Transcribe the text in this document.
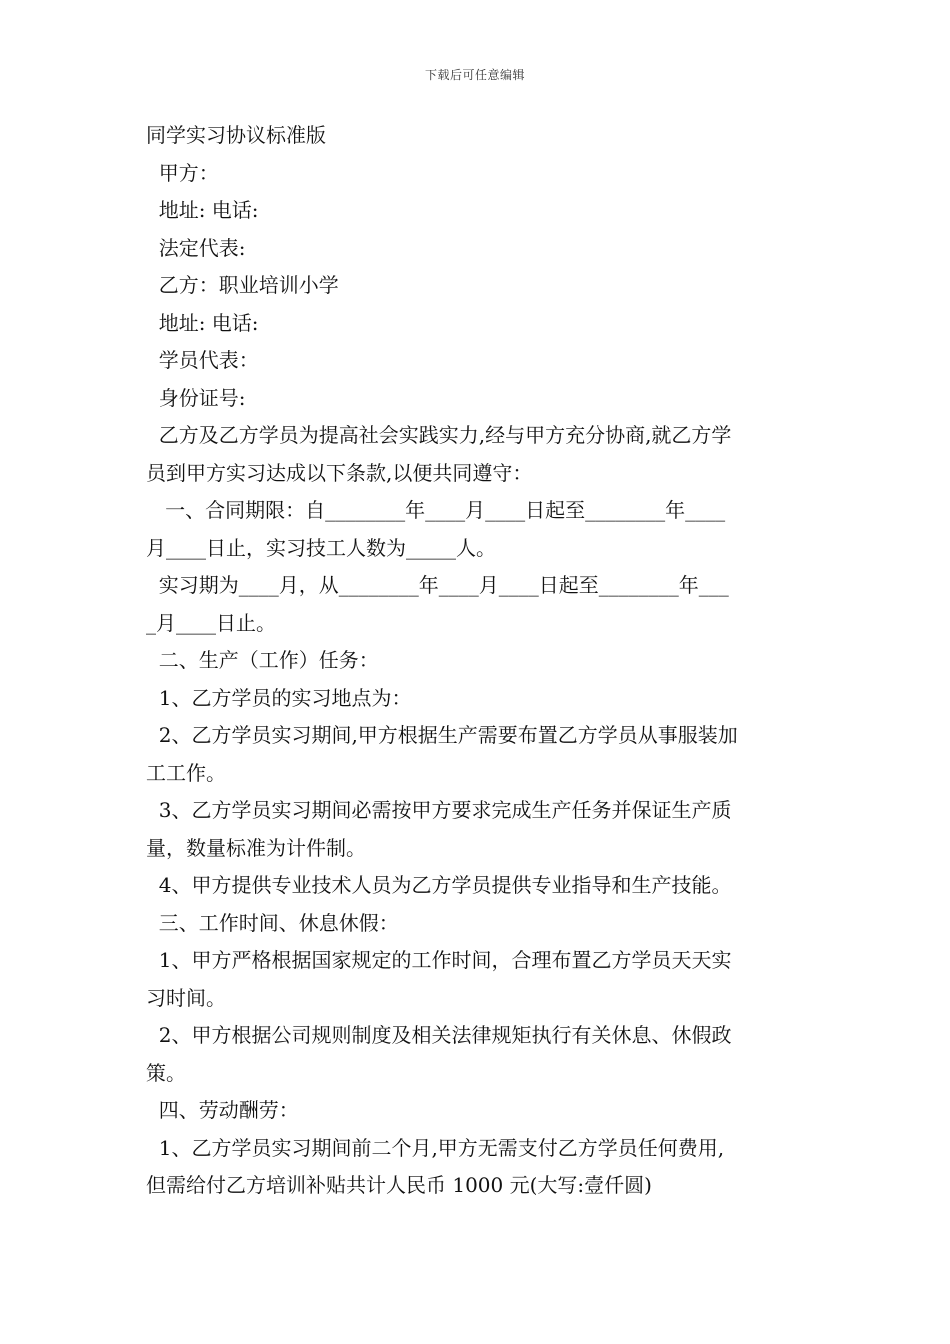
下载后可任意编辑
同学实习协议标准版
甲方：
地址: 电话:
法定代表:
乙方：职业培训小学
地址: 电话:
学员代表：
身份证号:
乙方及乙方学员为提高社会实践实力,经与甲方充分协商,就乙方学
员到甲方实习达成以下条款,以便共同遵守：
一、合同期限：自________年____月____日起至________年____
月____日止，实习技工人数为_____人。
实习期为____月，从________年____月____日起至________年___
_月____日止。
二、生产（工作）任务：
1、乙方学员的实习地点为：
2、乙方学员实习期间,甲方根据生产需要布置乙方学员从事服装加
工工作。
3、乙方学员实习期间必需按甲方要求完成生产任务并保证生产质
量，数量标准为计件制。
4、甲方提供专业技术人员为乙方学员提供专业指导和生产技能。
三、工作时间、休息休假：
1、甲方严格根据国家规定的工作时间，合理布置乙方学员天天实
习时间。
2、甲方根据公司规则制度及相关法律规矩执行有关休息、休假政
策。
四、劳动酬劳：
1、乙方学员实习期间前二个月,甲方无需支付乙方学员任何费用,
但需给付乙方培训补贴共计人民币 1000 元(大写:壹仟圆)
